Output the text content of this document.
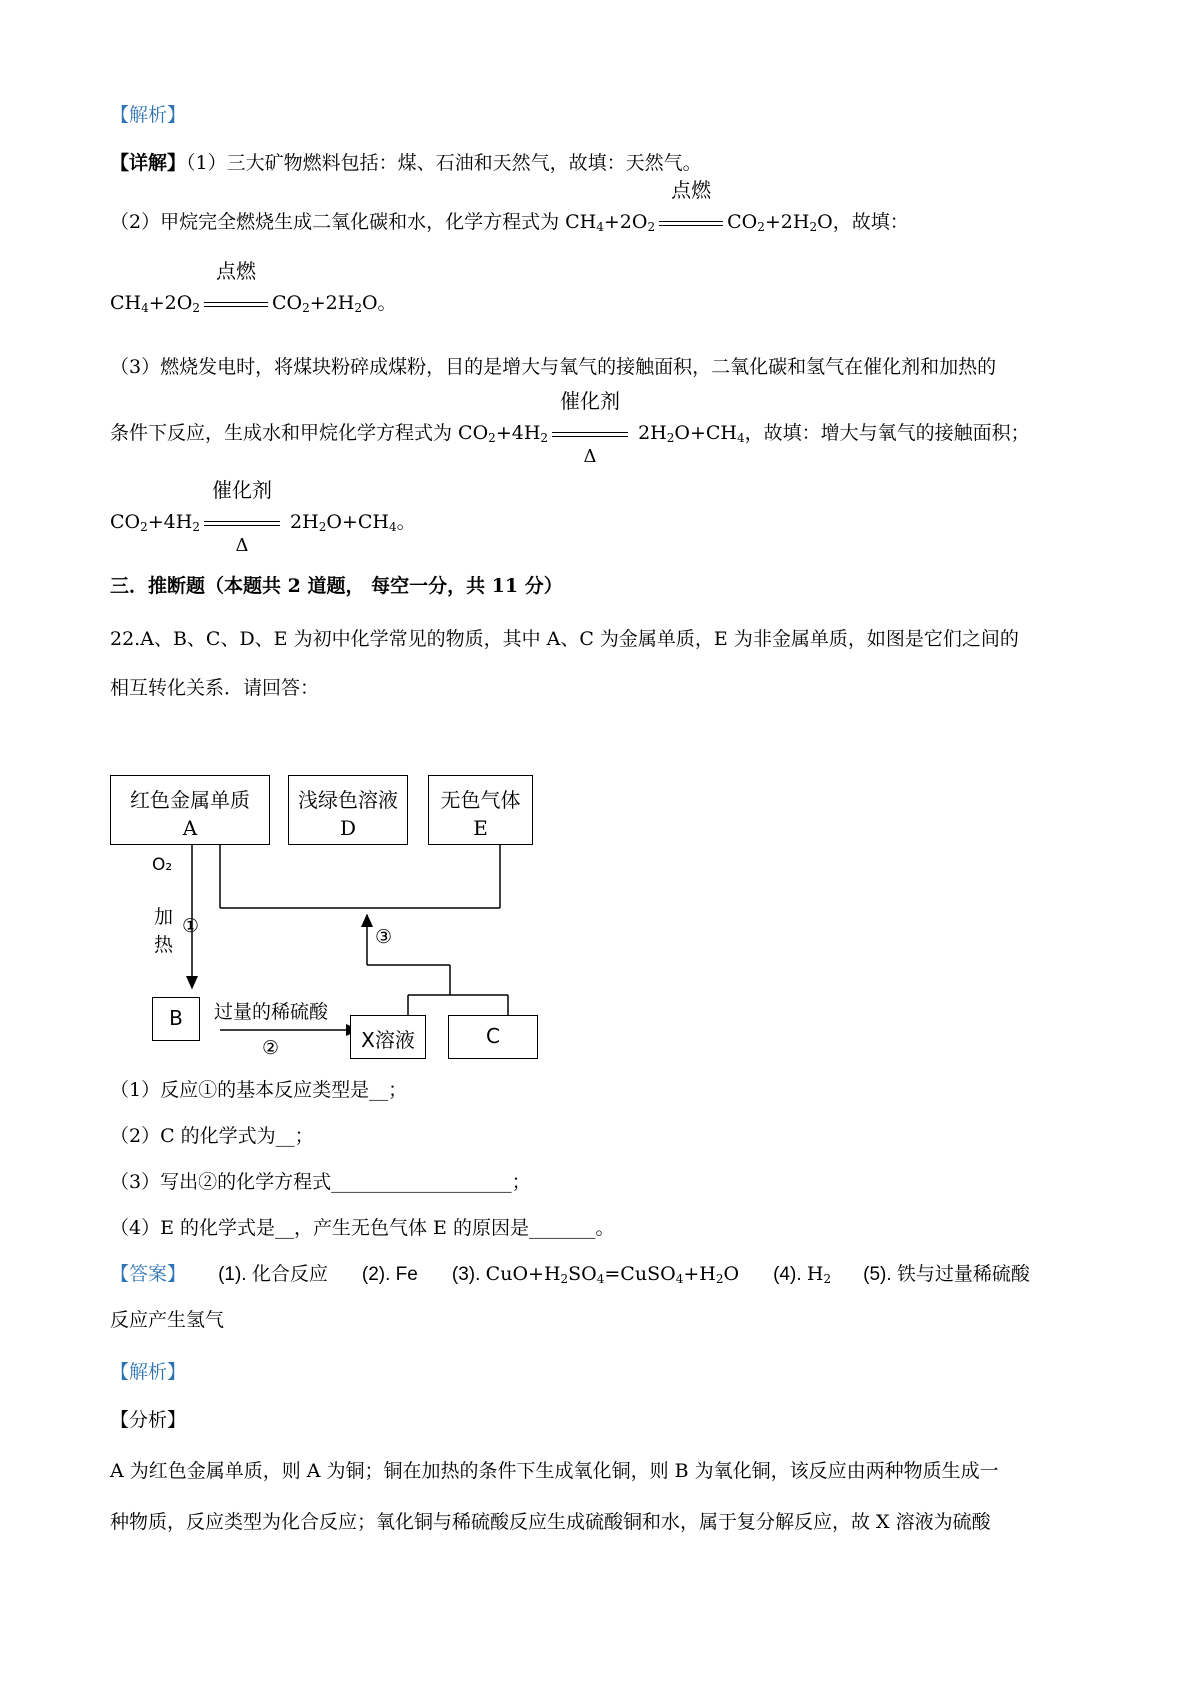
【解析】
【详解】（1）三大矿物燃料包括：煤、石油和天然气，故填：天然气。
（2）甲烷完全燃烧生成二氧化碳和水，化学方程式为 $CH_4+2O_2$
点燃
$CO_2+2H_2O$，故填：
$CH_4+2O_2$
点燃
$CO_2+2H_2O$。
（3）燃烧发电时，将煤块粉碎成煤粉，目的是增大与氧气的接触面积，二氧化碳和氢气在催化剂和加热的
条件下反应，生成水和甲烷化学方程式为 $CO_2+4H_2$
催化剂
Δ
$2H_2O+CH_4$，故填：增大与氧气的接触面积；
$CO_2+4H_2$
催化剂
Δ
$2H_2O+CH_4$。
三．推断题（本题共 2 道题， 每空一分，共 11 分）
22.A、B、C、D、E 为初中化学常见的物质，其中 A、C 为金属单质，E 为非金属单质，如图是它们之间的
相互转化关系．请回答：
红色金属单质
A
浅绿色溶液
D
无色气体
E
B
X溶液	C
O₂
加
热
①
过量的稀硫酸
②
③
（1）反应①的基本反应类型是__；
（2）C 的化学式为__；
（3）写出②的化学方程式___________________；
（4）E 的化学式是__，产生无色气体 E 的原因是_______。
【答案】 (1). 化合反应 (2). Fe (3). $CuO+H_2SO_4=CuSO_4+H_2O$ (4). $H_2$ (5). 铁与过量稀硫酸
反应产生氢气
【解析】
【分析】
A 为红色金属单质，则 A 为铜；铜在加热的条件下生成氧化铜，则 B 为氧化铜，该反应由两种物质生成一
种物质，反应类型为化合反应；氧化铜与稀硫酸反应生成硫酸铜和水，属于复分解反应，故 X 溶液为硫酸
